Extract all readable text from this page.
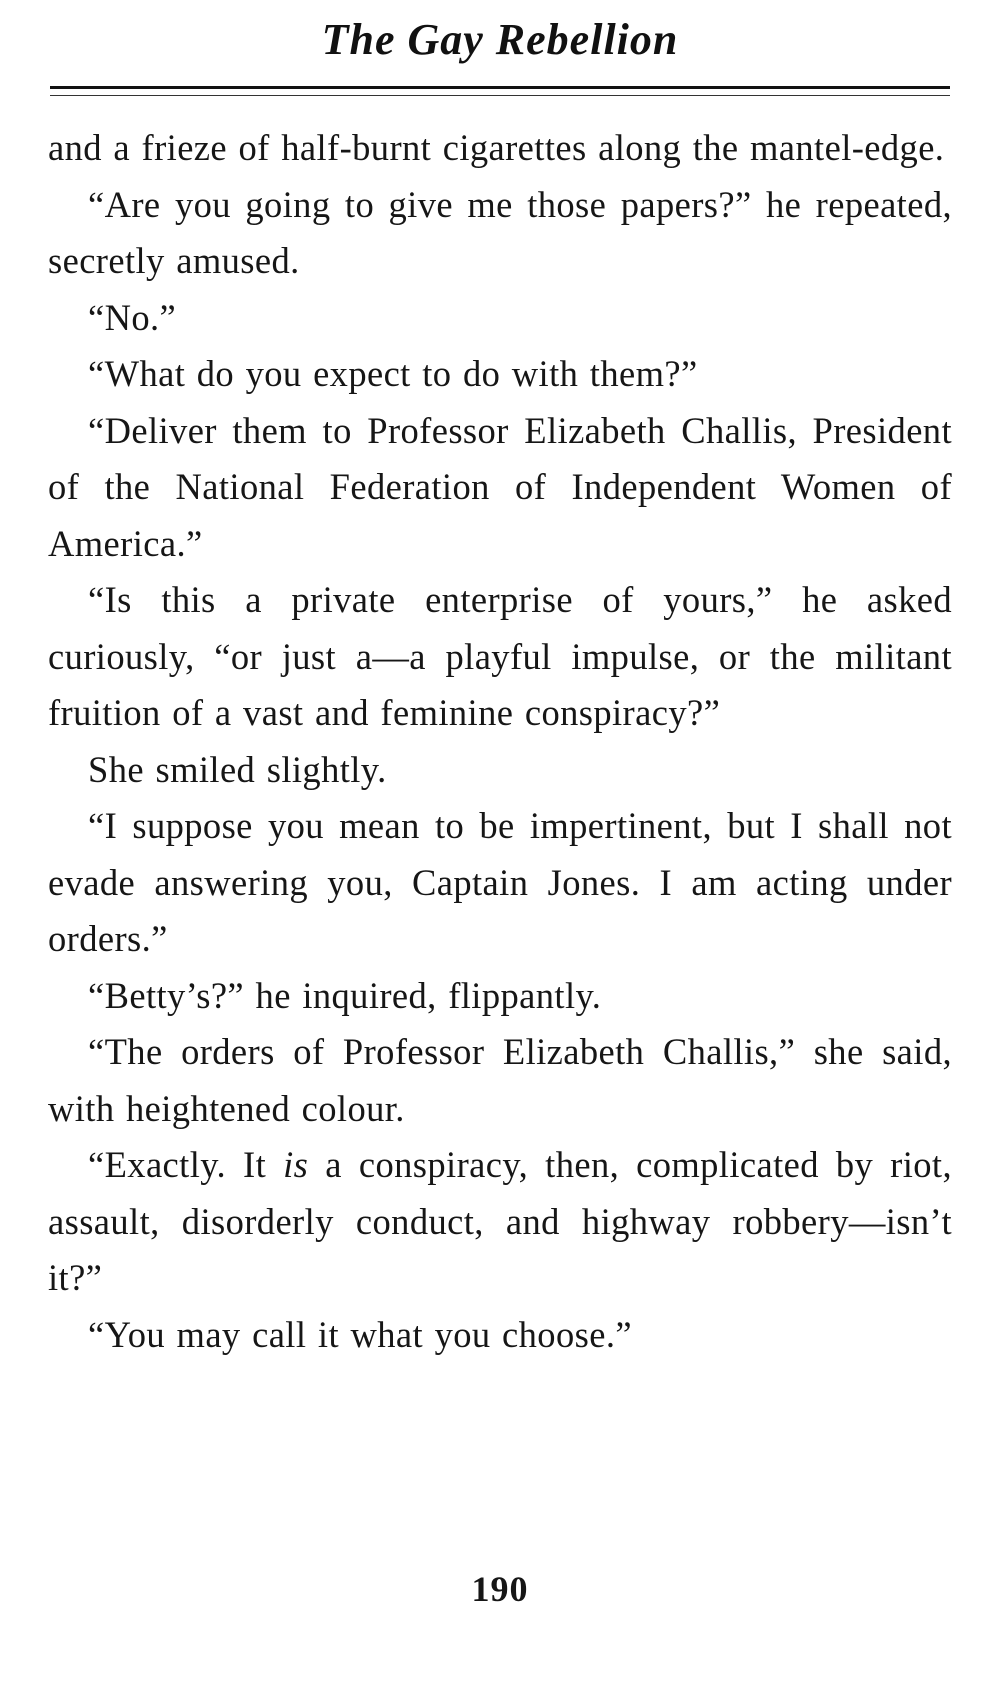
The Gay Rebellion

and a frieze of half-burnt cigarettes along the mantel-edge.

“Are you going to give me those papers?” he repeated, secretly amused.

“No.”

“What do you expect to do with them?”

“Deliver them to Professor Elizabeth Challis, President of the National Federation of Independent Women of America.”

“Is this a private enterprise of yours,” he asked curiously, “or just a—a playful impulse, or the militant fruition of a vast and feminine conspiracy?”

She smiled slightly.

“I suppose you mean to be impertinent, but I shall not evade answering you, Captain Jones. I am acting under orders.”

“Betty’s?” he inquired, flippantly.

“The orders of Professor Elizabeth Challis,” she said, with heightened colour.

“Exactly. It is a conspiracy, then, complicated by riot, assault, disorderly conduct, and highway robbery—isn’t it?”

“You may call it what you choose.”

190
